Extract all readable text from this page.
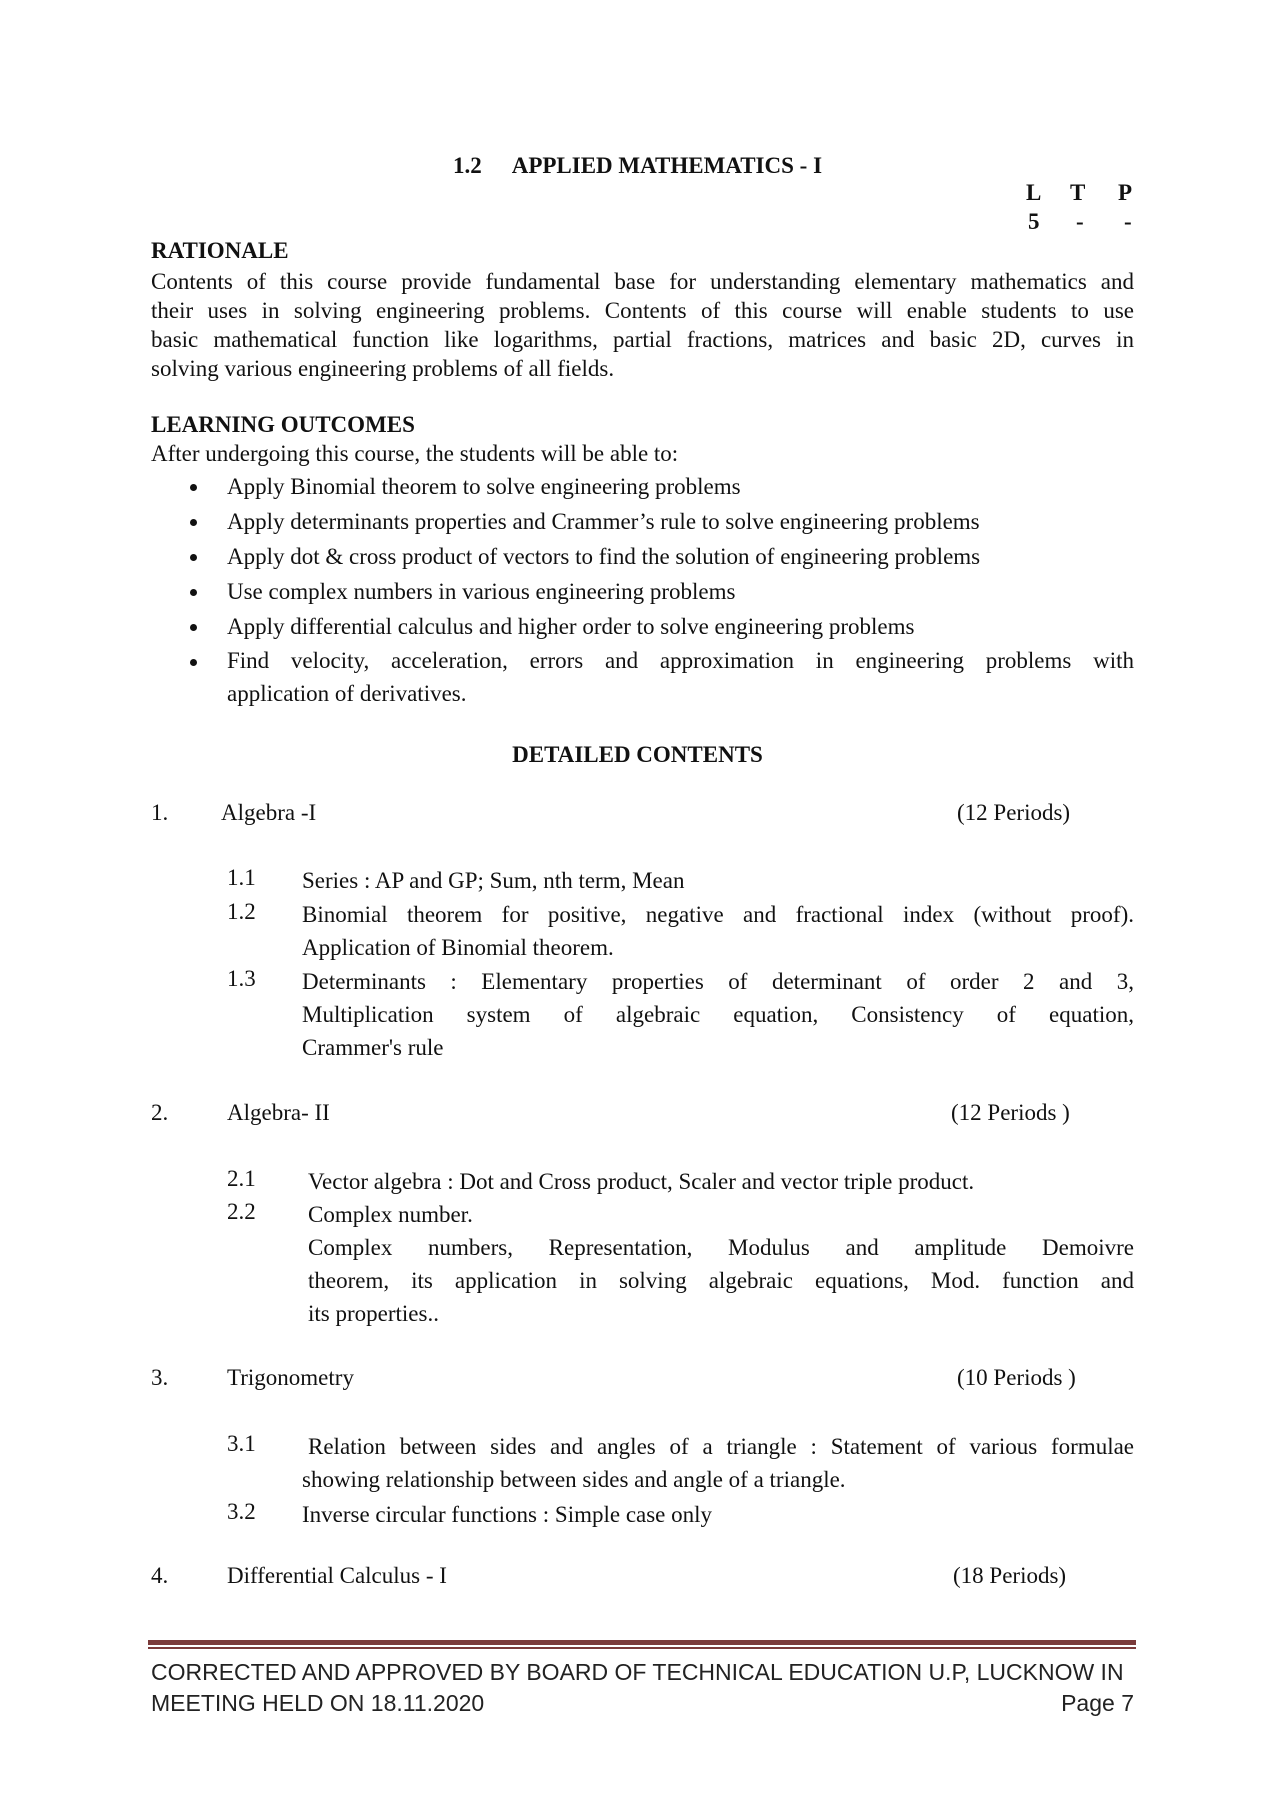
1.2 APPLIED MATHEMATICS - I
L T P
5 - -
RATIONALE
Contents of this course provide fundamental base for understanding elementary mathematics and
their uses in solving engineering problems. Contents of this course will enable students to use
basic mathematical function like logarithms, partial fractions, matrices and basic 2D, curves in
solving various engineering problems of all fields.
LEARNING OUTCOMES
After undergoing this course, the students will be able to:
Apply Binomial theorem to solve engineering problems
Apply determinants properties and Crammer’s rule to solve engineering problems
Apply dot & cross product of vectors to find the solution of engineering problems
Use complex numbers in various engineering problems
Apply differential calculus and higher order to solve engineering problems
Find velocity, acceleration, errors and approximation in engineering problems with
application of derivatives.
DETAILED CONTENTS
1. Algebra -I	(12 Periods)
1.1 Series : AP and GP; Sum, nth term, Mean
1.2 Binomial theorem for positive, negative and fractional index (without proof).
Application of Binomial theorem.
1.3 Determinants : Elementary properties of determinant of order 2 and 3,
Multiplication system of algebraic equation, Consistency of equation,
Crammer's rule
2.	Algebra- II	(12 Periods )
2.1 Vector algebra : Dot and Cross product, Scaler and vector triple product.
2.2 Complex number.
Complex numbers, Representation, Modulus and amplitude Demoivre
theorem, its application in solving algebraic equations, Mod. function and
its properties..
3.	Trigonometry	(10 Periods )
3.1 Relation between sides and angles of a triangle : Statement of various formulae
showing relationship between sides and angle of a triangle.
3.2 Inverse circular functions : Simple case only
4.	Differential Calculus - I	(18 Periods)
CORRECTED AND APPROVED BY BOARD OF TECHNICAL EDUCATION U.P, LUCKNOW IN
MEETING HELD ON 18.11.2020	Page 7
